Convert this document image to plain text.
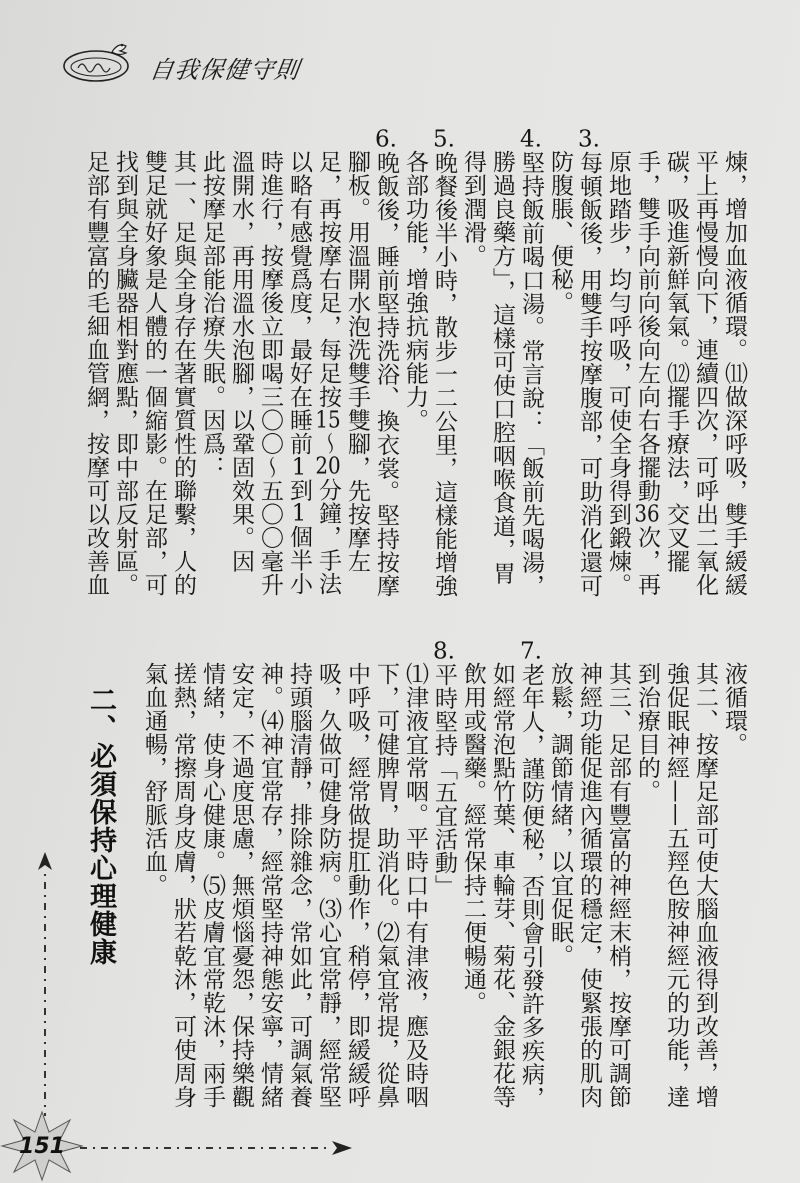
自我保健守則
煉，增加血液循環。⑾做深呼吸，雙手緩緩
平上再慢慢向下，連續四次，可呼出二氧化
碳，吸進新鮮氧氣。⑿擺手療法，交叉擺
手，雙手向前向後向左向右各擺動36次，再
原地踏步，均勻呼吸，可使全身得到鍛煉。
3.每頓飯後，用雙手按摩腹部，可助消化還可
防腹脹、便秘。
4.堅持飯前喝口湯。常言說：「飯前先喝湯，
勝過良藥方」，這樣可使口腔咽喉食道，胃
得到潤滑。
5.晚餐後半小時，散步一二公里，這樣能增強
各部功能，增強抗病能力。
6.晚飯後，睡前堅持洗浴、換衣裳。堅持按摩
腳板。用溫開水泡洗雙手雙腳，先按摩左
足，再按摩右足，每足按15～20分鐘，手法
以略有感覺爲度，最好在睡前1到1個半小
時進行，按摩後立即喝三〇〇～五〇〇毫升
溫開水，再用溫水泡腳，以鞏固效果。因
此按摩足部能治療失眠。因爲：
其一、足與全身存在著實質性的聯繫，人的
雙足就好象是人體的一個縮影。在足部，可
找到與全身臟器相對應點，即中部反射區。
足部有豐富的毛細血管網，按摩可以改善血
液循環。
其二、按摩足部可使大腦血液得到改善，增
強促眠神經——五羥色胺神經元的功能，達
到治療目的。
其三、足部有豐富的神經末梢，按摩可調節
神經功能促進內循環的穩定，使緊張的肌肉
放鬆，調節情緒，以宜促眠。
7.老年人，謹防便秘，否則會引發許多疾病，
如經常泡點竹葉、車輪芽、菊花、金銀花等
飲用或醫藥。經常保持二便暢通。
8.平時堅持「五宜活動」
⑴津液宜常咽。平時口中有津液，應及時咽
下，可健脾胃，助消化。⑵氣宜常提，從鼻
中呼吸，經常做提肛動作，稍停，即緩緩呼
吸，久做可健身防病。⑶心宜常靜，經常堅
持頭腦清靜，排除雜念，常如此，可調氣養
神。⑷神宜常存，經常堅持神態安寧，情緒
安定，不過度思慮，無煩惱憂怨，保持樂觀
情緒，使身心健康。⑸皮膚宜常乾沐，兩手
搓熱，常擦周身皮膚，狀若乾沐，可使周身
氣血通暢，舒脈活血。
二、必須保持心理健康
151
